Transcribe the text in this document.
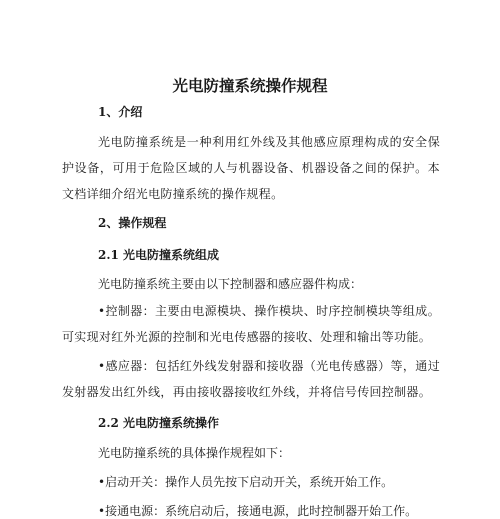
光电防撞系统操作规程
1、介绍
光电防撞系统是一种利用红外线及其他感应原理构成的安全保护设备，可用于危险区域的人与机器设备、机器设备之间的保护。本文档详细介绍光电防撞系统的操作规程。
2、操作规程
2.1 光电防撞系统组成
光电防撞系统主要由以下控制器和感应器件构成：
•控制器：主要由电源模块、操作模块、时序控制模块等组成。可实现对红外光源的控制和光电传感器的接收、处理和输出等功能。
•感应器：包括红外线发射器和接收器（光电传感器）等，通过发射器发出红外线，再由接收器接收红外线，并将信号传回控制器。
2.2 光电防撞系统操作
光电防撞系统的具体操作规程如下：
•启动开关：操作人员先按下启动开关，系统开始工作。
•接通电源：系统启动后，接通电源，此时控制器开始工作。
